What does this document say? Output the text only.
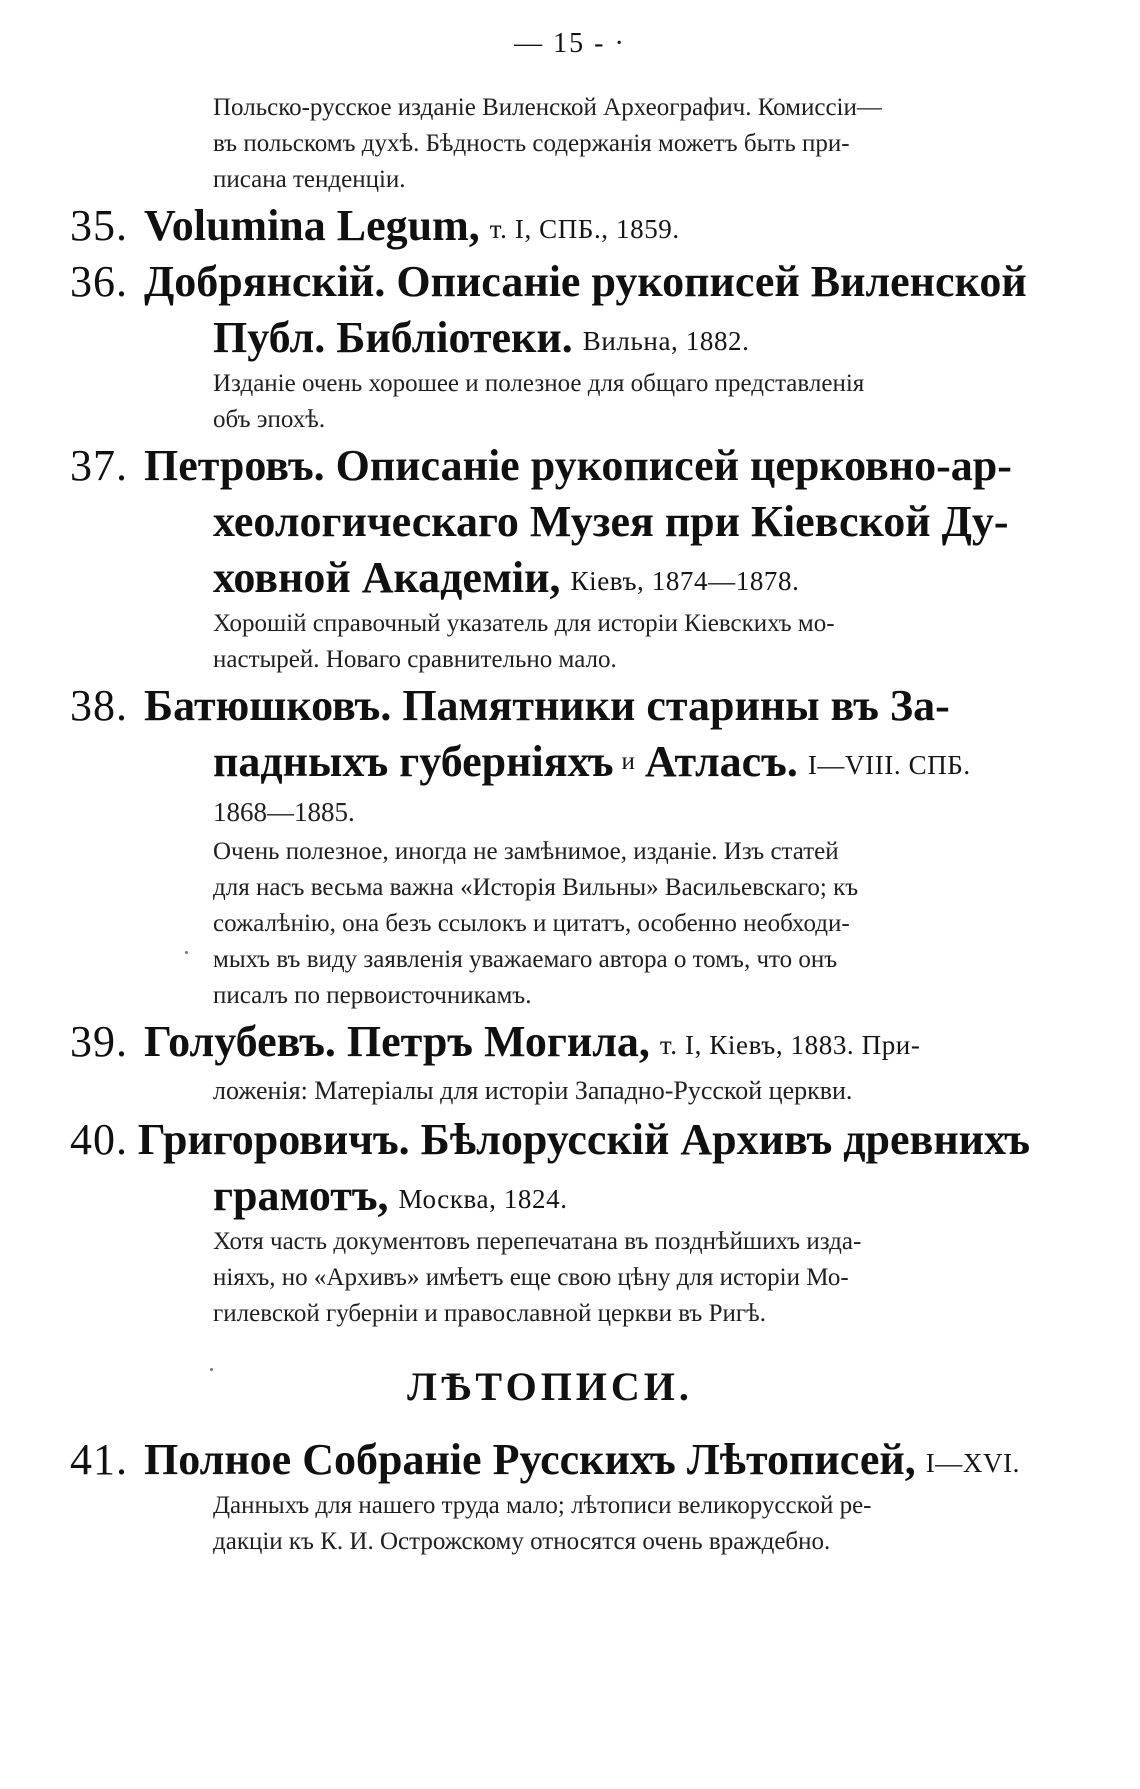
— 15 - ·
Польско-русское изданіе Виленской Археографич. Комиссіи—
въ польскомъ духѣ. Бѣдность содержанія можетъ быть при-
писана тенденціи.
35. Volumina Legum, т. I, СПБ., 1859.
36. Добрянскій. Описаніе рукописей Виленской
Публ. Библіотеки. Вильна, 1882.
Изданіе очень хорошее и полезное для общаго представленія
объ эпохѣ.
37. Петровъ. Описаніе рукописей церковно-ар-
хеологическаго Музея при Кіевской Ду-
ховной Академіи, Кіевъ, 1874—1878.
Хорошій справочный указатель для исторіи Кіевскихъ мо-
настырей. Новаго сравнительно мало.
38. Батюшковъ. Памятники старины въ За-
падныхъ губерніяхъ и Атласъ. I—VIII. СПБ.
1868—1885.
Очень полезное, иногда не замѣнимое, изданіе. Изъ статей
для насъ весьма важна «Исторія Вильны» Васильевскаго; къ
сожалѣнію, она безъ ссылокъ и цитатъ, особенно необходи-
мыхъ въ виду заявленія уважаемаго автора о томъ, что онъ
писалъ по первоисточникамъ.
39. Голубевъ. Петръ Могила, т. I, Кіевъ, 1883. При-
ложенія: Матеріалы для исторіи Западно-Русской церкви.
40. Григоровичъ. Бѣлорусскій Архивъ древнихъ
грамотъ, Москва, 1824.
Хотя часть документовъ перепечатана въ позднѣйшихъ изда-
ніяхъ, но «Архивъ» имѣетъ еще свою цѣну для исторіи Мо-
гилевской губерніи и православной церкви въ Ригѣ.
ЛѢТОПИСИ.
41. Полное Собраніе Русскихъ Лѣтописей, I—XVI.
Данныхъ для нашего труда мало; лѣтописи великорусской ре-
дакціи къ К. И. Острожскому относятся очень враждебно.
